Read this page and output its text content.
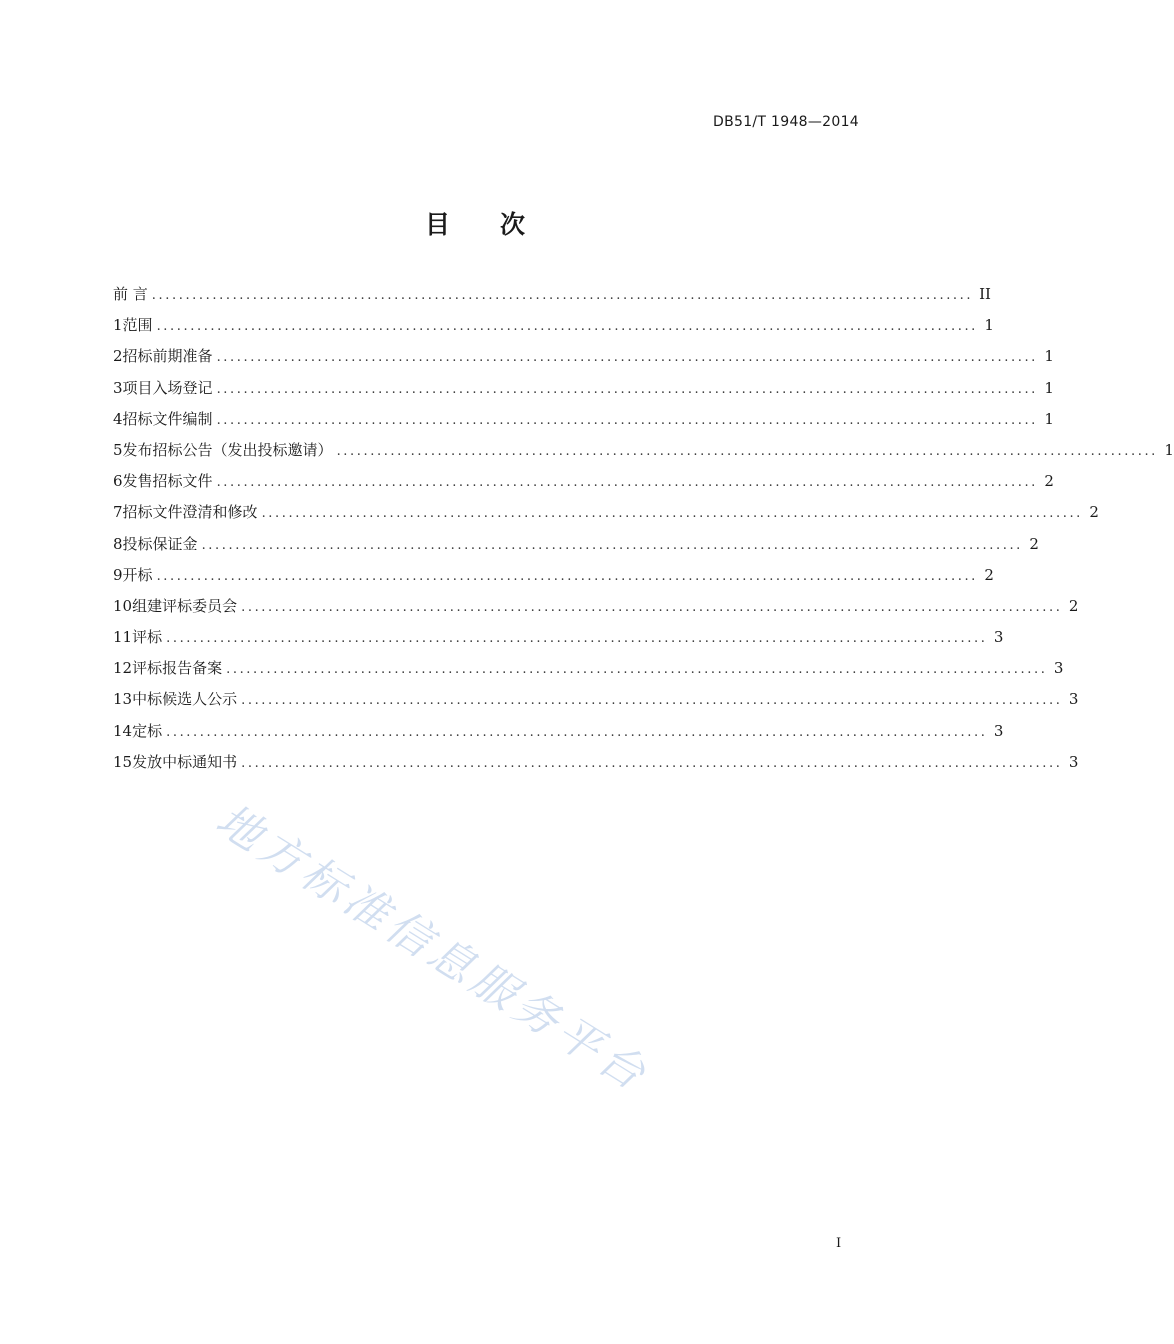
DB51/T 1948—2014
目　　次
前 言 .......................................................................................................................... II
1 范围 .......................................................................................................................... 1
2 招标前期准备 .......................................................................................................................... 1
3 项目入场登记 .......................................................................................................................... 1
4 招标文件编制 .......................................................................................................................... 1
5 发布招标公告（发出投标邀请） .......................................................................................................................... 1
6 发售招标文件 .......................................................................................................................... 2
7 招标文件澄清和修改 .......................................................................................................................... 2
8 投标保证金 .......................................................................................................................... 2
9 开标 .......................................................................................................................... 2
10 组建评标委员会 .......................................................................................................................... 2
11 评标 .......................................................................................................................... 3
12 评标报告备案 .......................................................................................................................... 3
13 中标候选人公示 .......................................................................................................................... 3
14 定标 .......................................................................................................................... 3
15 发放中标通知书 .......................................................................................................................... 3
地方标准信息服务平台
I
